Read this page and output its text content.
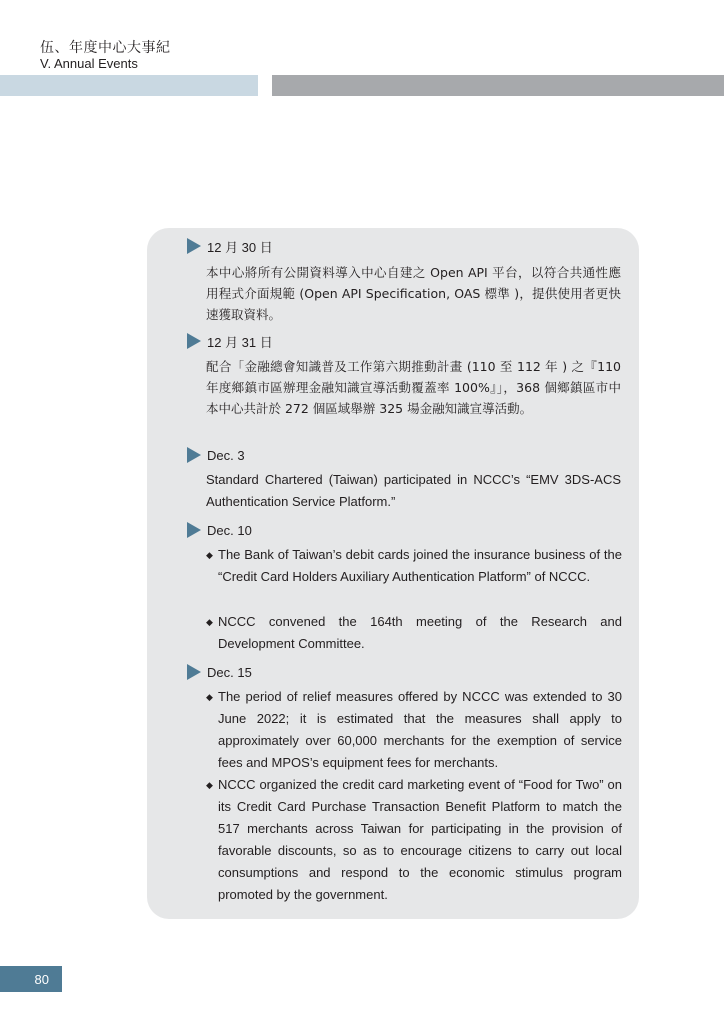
伍、年度中心大事紀
V. Annual Events
12 月 30 日
本中心將所有公開資料導入中心自建之 Open API 平台，以符合共通性應用程式介面規範 (Open API Specification, OAS 標準 )，提供使用者更快速獲取資料。
12 月 31 日
配合「金融總會知識普及工作第六期推動計畫 (110 至 112 年 ) 之『110 年度鄉鎮市區辦理金融知識宣導活動覆蓋率 100%』」，368 個鄉鎮區市中本中心共計於 272 個區域舉辦 325 場金融知識宣導活動。
Dec. 3
Standard Chartered (Taiwan) participated in NCCC’s “EMV 3DS-ACS Authentication Service Platform.”
Dec. 10
◆ The Bank of Taiwan’s debit cards joined the insurance business of the “Credit Card Holders Auxiliary Authentication Platform” of NCCC.
◆ NCCC convened the 164th meeting of the Research and Development Committee.
Dec. 15
◆ The period of relief measures offered by NCCC was extended to 30 June 2022; it is estimated that the measures shall apply to approximately over 60,000 merchants for the exemption of service fees and MPOS’s equipment fees for merchants.
◆ NCCC organized the credit card marketing event of “Food for Two” on its Credit Card Purchase Transaction Benefit Platform to match the 517 merchants across Taiwan for participating in the provision of favorable discounts, so as to encourage citizens to carry out local consumptions and respond to the economic stimulus program promoted by the government.
80
